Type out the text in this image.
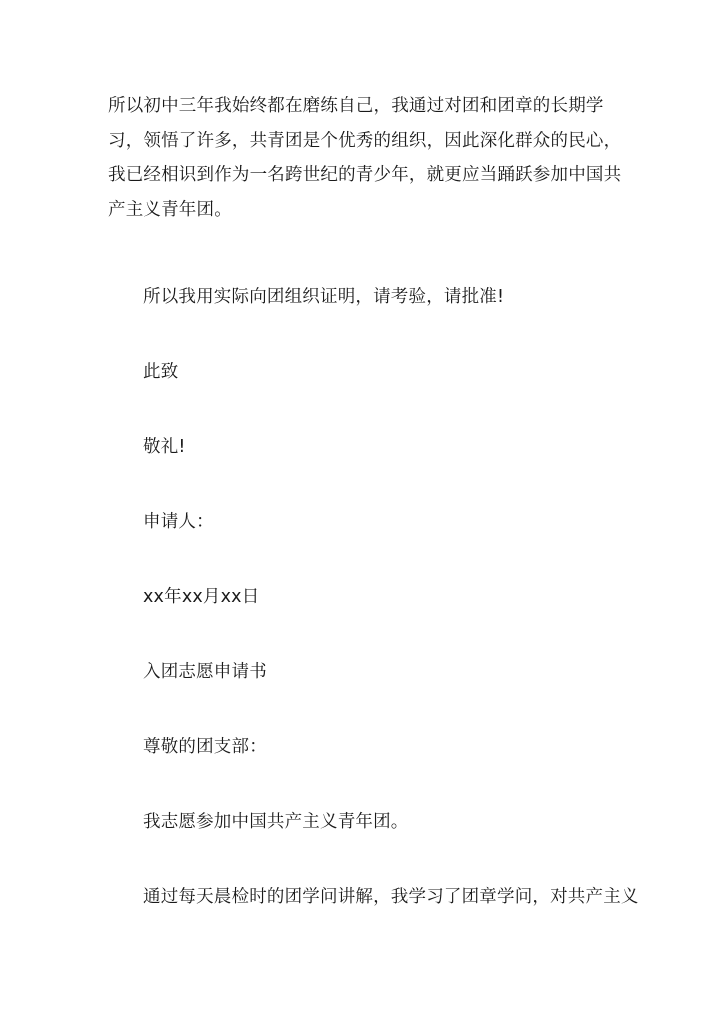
所以初中三年我始终都在磨练自己，我通过对团和团章的长期学习，领悟了许多，共青团是个优秀的组织，因此深化群众的民心，我已经相识到作为一名跨世纪的青少年，就更应当踊跃参加中国共产主义青年团。

所以我用实际向团组织证明，请考验，请批准!

此致

敬礼!

申请人：

xx年xx月xx日

入团志愿申请书

尊敬的团支部：

我志愿参加中国共产主义青年团。

通过每天晨检时的团学问讲解，我学习了团章学问，对共产主义
